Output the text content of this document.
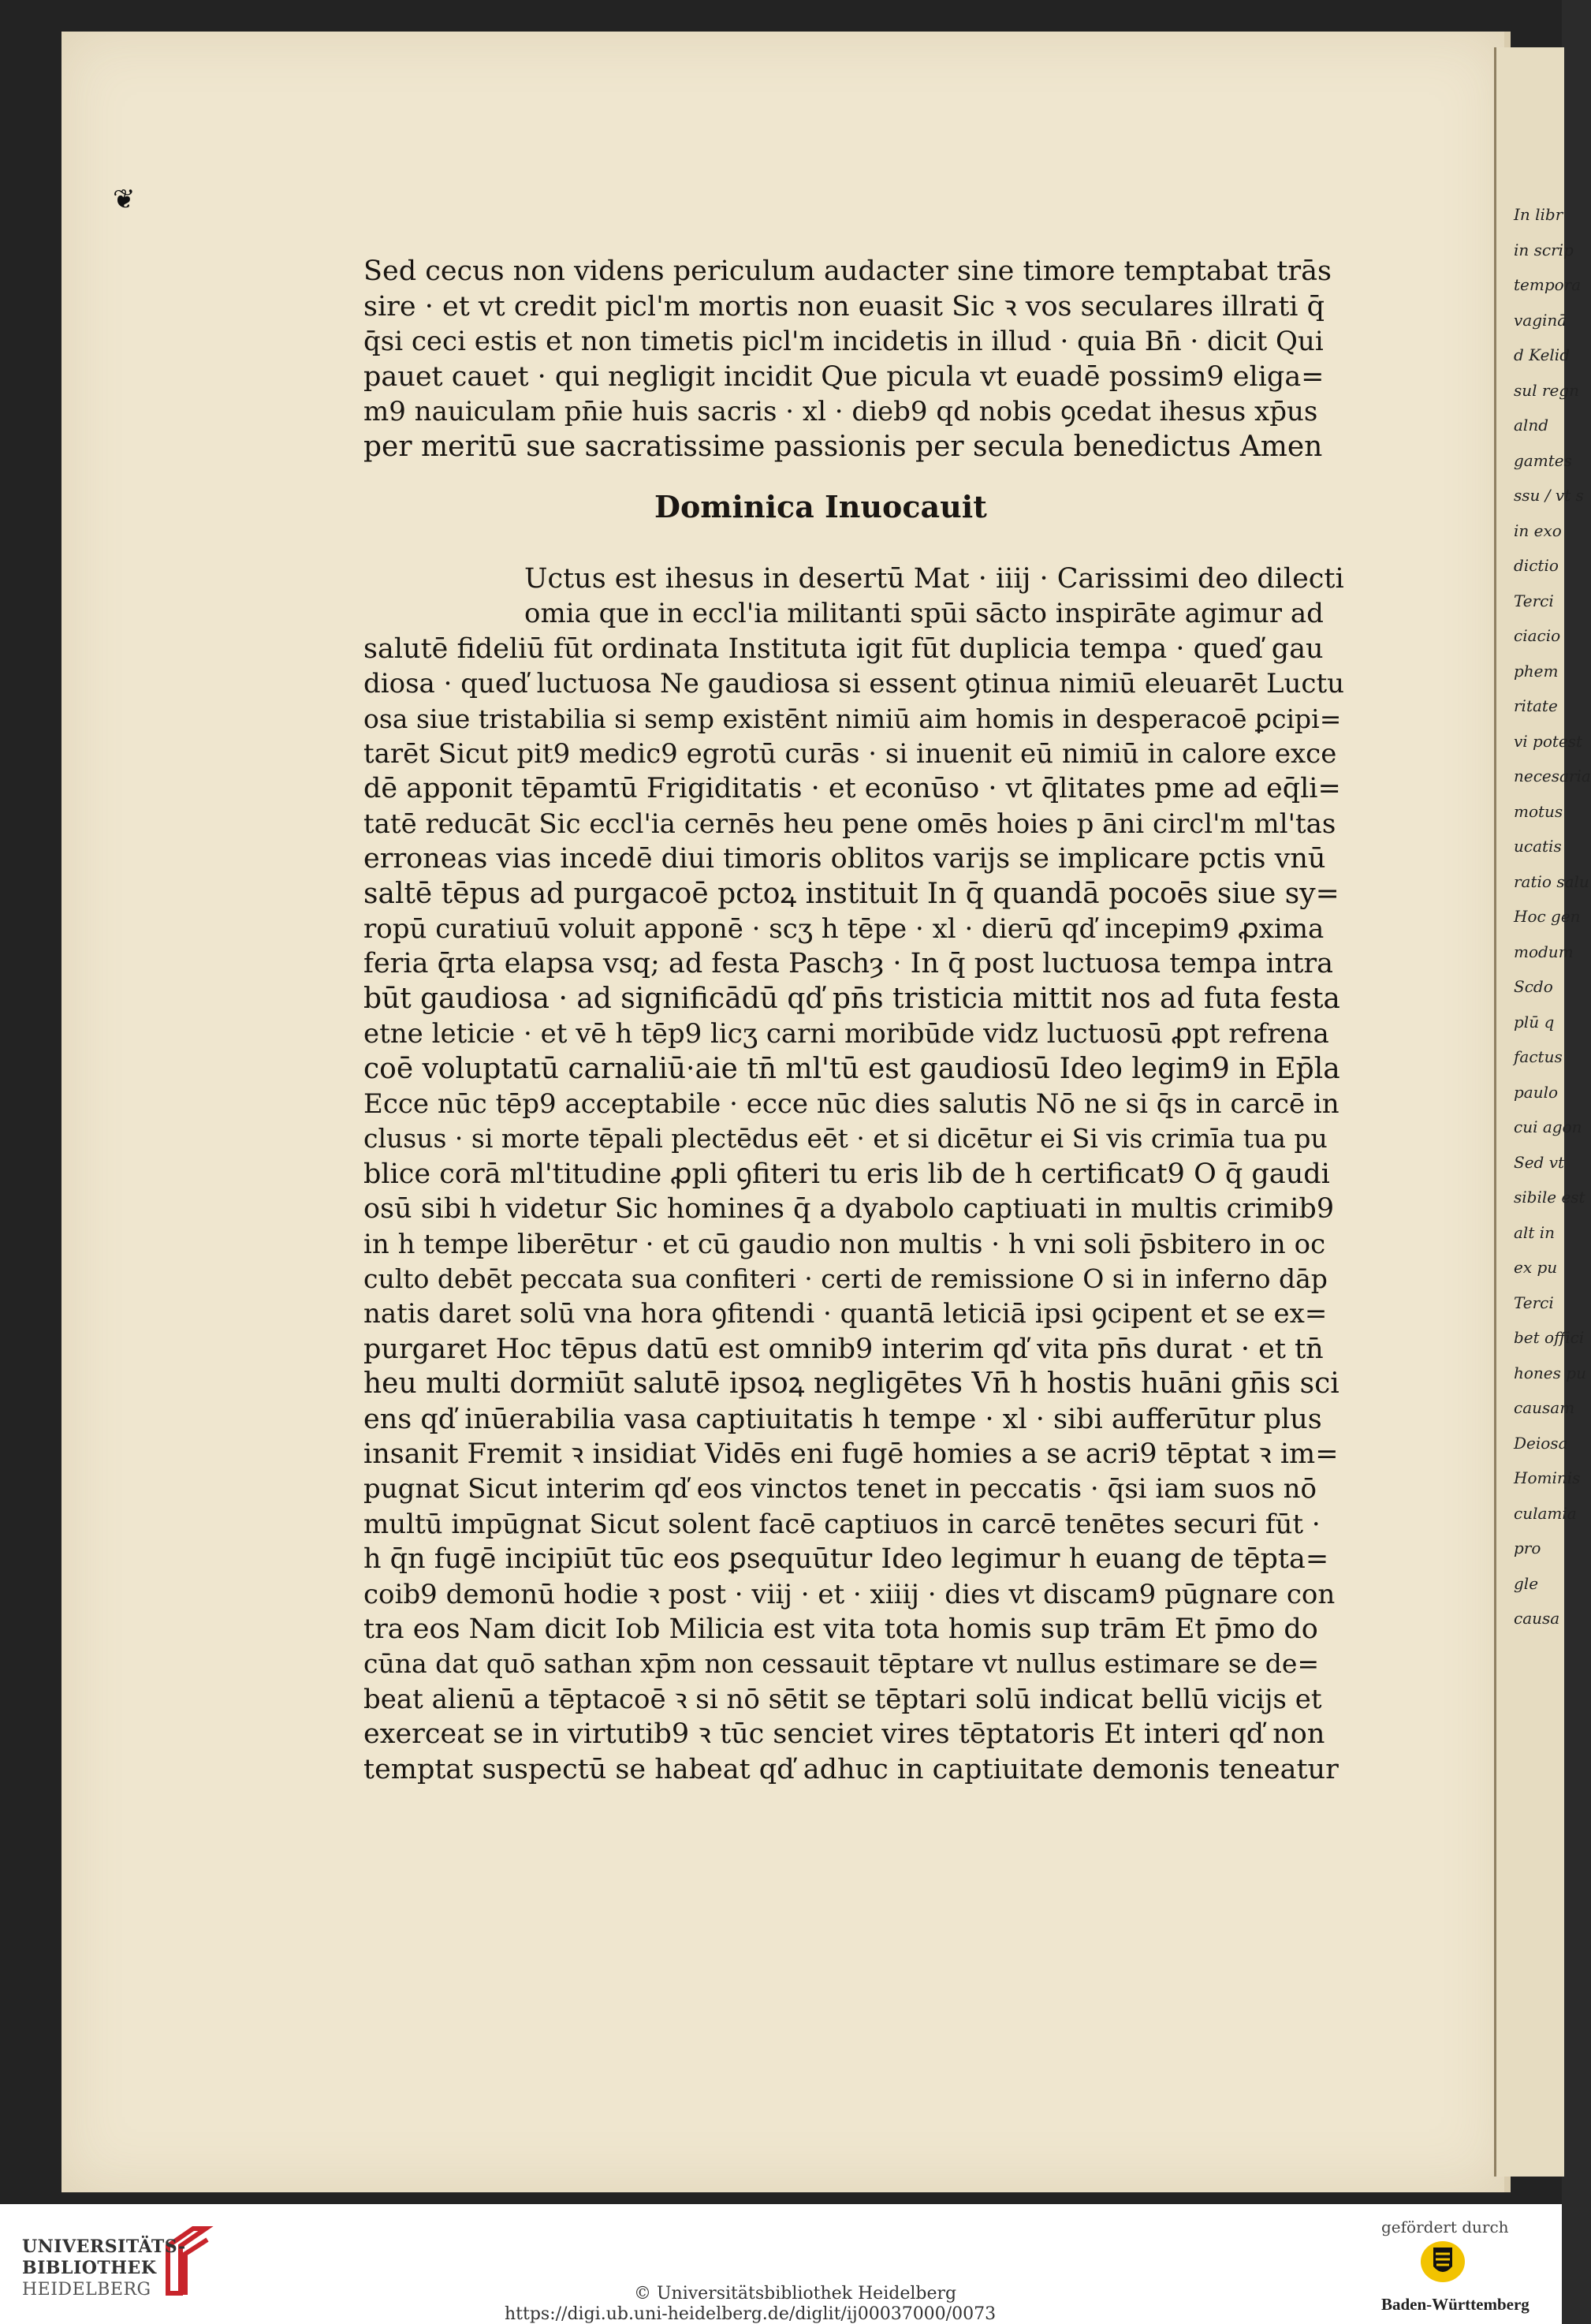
In libr
in scrip
tempora
vaginā
d Kelid
sul regn
alnd
gamtes
ssu / vt s
in exo
dictio
Terci
ciacio
phem
ritate
vi potest
necesaria
motus
ucatis
ratio salu
Hoc gen
modum
Scdo
plū q
factus
paulo
cui agon
Sed vt
sibile est
alt in
ex pu
Terci
bet offici
hones pu
causam
Deiosa
Hominis
culamia
pro
gle
causa
❦
Sed cecus non videns periculum audacter sine timore temptabat trās
sire · et vt credit picl'm mortis non euasit Sic ꝛ vos seculares illrati q̄
q̄si ceci estis et non timetis picl'm incidetis in illud · quia Bn̄ · dicit Qui
pauet cauet · qui negligit incidit Que picula vt euadē possim9 eliga=
m9 nauiculam pn̄ie huis sacris · xl · dieb9 qd nobis ꝯcedat ihesus xp̄us
per meritū sue sacratissime passionis per secula benedictus Amen
Dominica Inuocauit
Uctus est ihesus in desertū Mat · iiij · Carissimi deo dilecti
omia que in eccl'ia militanti spūi sācto inspirāte agimur ad
salutē fideliū fūt ordinata Instituta igit fūt duplicia tempa · queď gau
diosa · queď luctuosa Ne gaudiosa si essent ꝯtinua nimiū eleuarēt Luctu
osa siue tristabilia si semp existēnt nimiū aim homis in desperacoē ꝑcipi=
tarēt Sicut pit9 medic9 egrotū curās · si inuenit eū nimiū in calore exce
dē apponit tēpamtū Frigiditatis · et econūso · vt q̄litates pme ad eq̄li=
tatē reducāt Sic eccl'ia cernēs heu pene omēs hoies p āni circl'm ml'tas
erroneas vias incedē diui timoris oblitos varijs se implicare pctis vnū
saltē tēpus ad purgacoē pctoꝝ instituit In q̄ quandā pocoēs siue sy=
ropū curatiuū voluit apponē · scʒ h tēpe · xl · dierū qď incepim9 ꝓxima
feria q̄rta elapsa vsq; ad festa Paschȝ · In q̄ post luctuosa tempa intra
būt gaudiosa · ad significādū qď pn̄s tristicia mittit nos ad futa festa
etne leticie · et vē h tēp9 licʒ carni moribūde vidz luctuosū ꝓpt refrena
coē voluptatū carnaliū·aie tn̄ ml'tū est gaudiosū Ideo legim9 in Ep̄la
Ecce nūc tēp9 acceptabile · ecce nūc dies salutis Nō ne si q̄s in carcē in
clusus · si morte tēpali plectēdus eēt · et si dicētur ei Si vis crimīa tua pu
blice corā ml'titudine ꝓpli ꝯfiteri tu eris lib de h certificat9 O q̄ gaudi
osū sibi h videtur Sic homines q̄ a dyabolo captiuati in multis crimib9
in h tempe liberētur · et cū gaudio non multis · h vni soli p̄sbitero in oc
culto debēt peccata sua confiteri · certi de remissione O si in inferno dāp
natis daret solū vna hora ꝯfitendi · quantā leticiā ipsi ꝯcipent et se ex=
purgaret Hoc tēpus datū est omnib9 interim qď vita pn̄s durat · et tn̄
heu multi dormiūt salutē ipsoꝝ negligētes Vn̄ h hostis huāni gn̄is sci
ens qď inūerabilia vasa captiuitatis h tempe · xl · sibi aufferūtur plus
insanit Fremit ꝛ insidiat Vidēs eni fugē homies a se acri9 tēptat ꝛ im=
pugnat Sicut interim qď eos vinctos tenet in peccatis · q̄si iam suos nō
multū impūgnat Sicut solent facē captiuos in carcē tenētes securi fūt ·
h q̄n fugē incipiūt tūc eos ꝑsequūtur Ideo legimur h euang de tēpta=
coib9 demonū hodie ꝛ post · viij · et · xiiij · dies vt discam9 pūgnare con
tra eos Nam dicit Iob Milicia est vita tota homis sup trām Et p̄mo do
cūna dat quō sathan xp̄m non cessauit tēptare vt nullus estimare se de=
beat alienū a tēptacoē ꝛ si nō sētit se tēptari solū indicat bellū vicijs et
exerceat se in virtutib9 ꝛ tūc senciet vires tēptatoris Et interi qď non
temptat suspectū se habeat qď adhuc in captiuitate demonis teneatur
UNIVERSITÄTS-
BIBLIOTHEK
HEIDELBERG	© Universitätsbibliothek Heidelberg
https://digi.ub.uni-heidelberg.de/diglit/ij00037000/0073
gefördert durch
Baden-Württemberg
